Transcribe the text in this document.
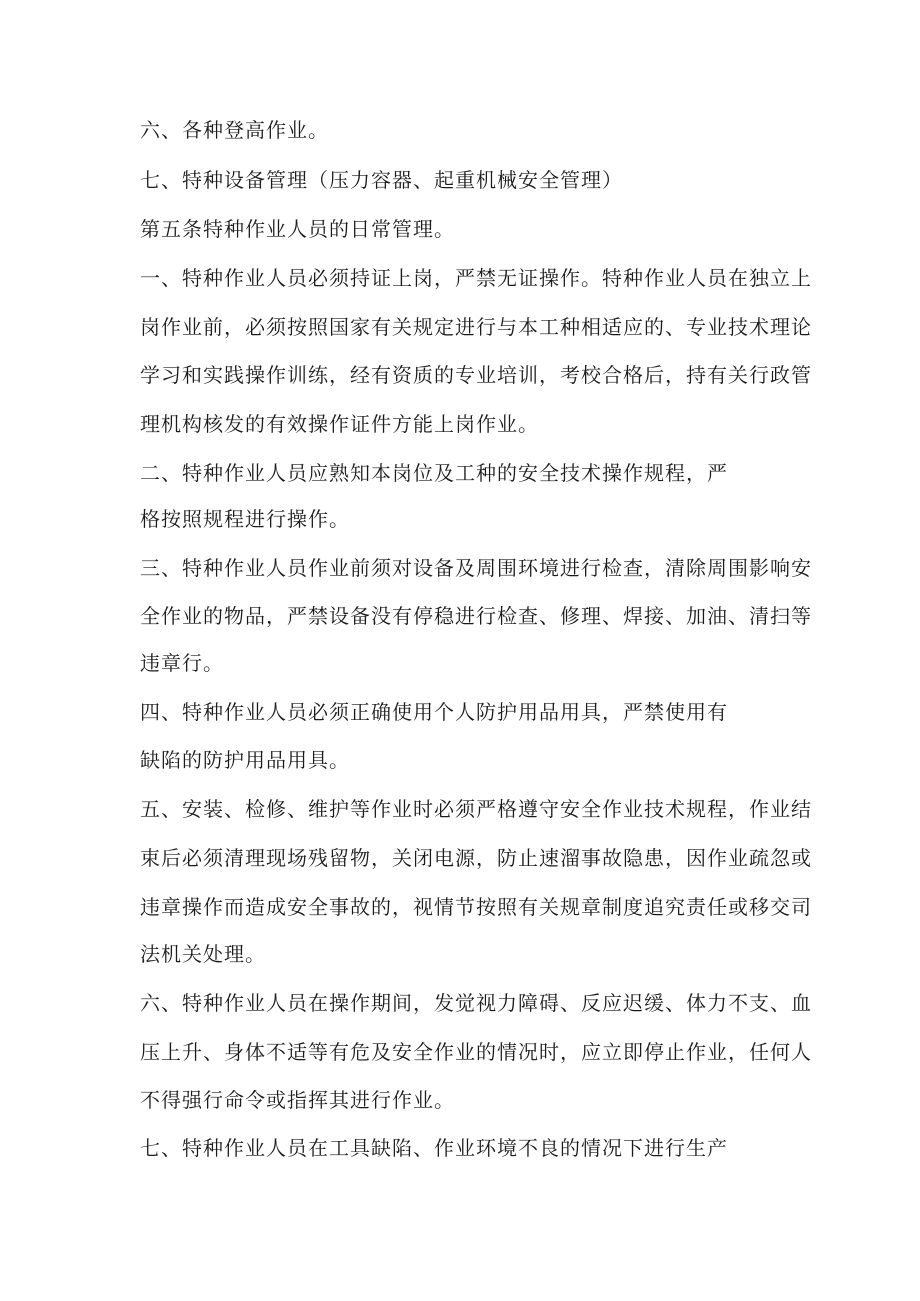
六、各种登高作业。

七、特种设备管理（压力容器、起重机械安全管理）

第五条特种作业人员的日常管理。

一、特种作业人员必须持证上岗，严禁无证操作。特种作业人员在独立上

岗作业前，必须按照国家有关规定进行与本工种相适应的、专业技术理论

学习和实践操作训练，经有资质的专业培训，考校合格后，持有关行政管

理机构核发的有效操作证件方能上岗作业。

二、特种作业人员应熟知本岗位及工种的安全技术操作规程，严

格按照规程进行操作。

三、特种作业人员作业前须对设备及周围环境进行检查，清除周围影响安

全作业的物品，严禁设备没有停稳进行检查、修理、焊接、加油、清扫等

违章行。

四、特种作业人员必须正确使用个人防护用品用具，严禁使用有

缺陷的防护用品用具。

五、安装、检修、维护等作业时必须严格遵守安全作业技术规程，作业结

束后必须清理现场残留物，关闭电源，防止速溜事故隐患，因作业疏忽或

违章操作而造成安全事故的，视情节按照有关规章制度追究责任或移交司

法机关处理。

六、特种作业人员在操作期间，发觉视力障碍、反应迟缓、体力不支、血

压上升、身体不适等有危及安全作业的情况时，应立即停止作业，任何人

不得强行命令或指挥其进行作业。

七、特种作业人员在工具缺陷、作业环境不良的情况下进行生产
